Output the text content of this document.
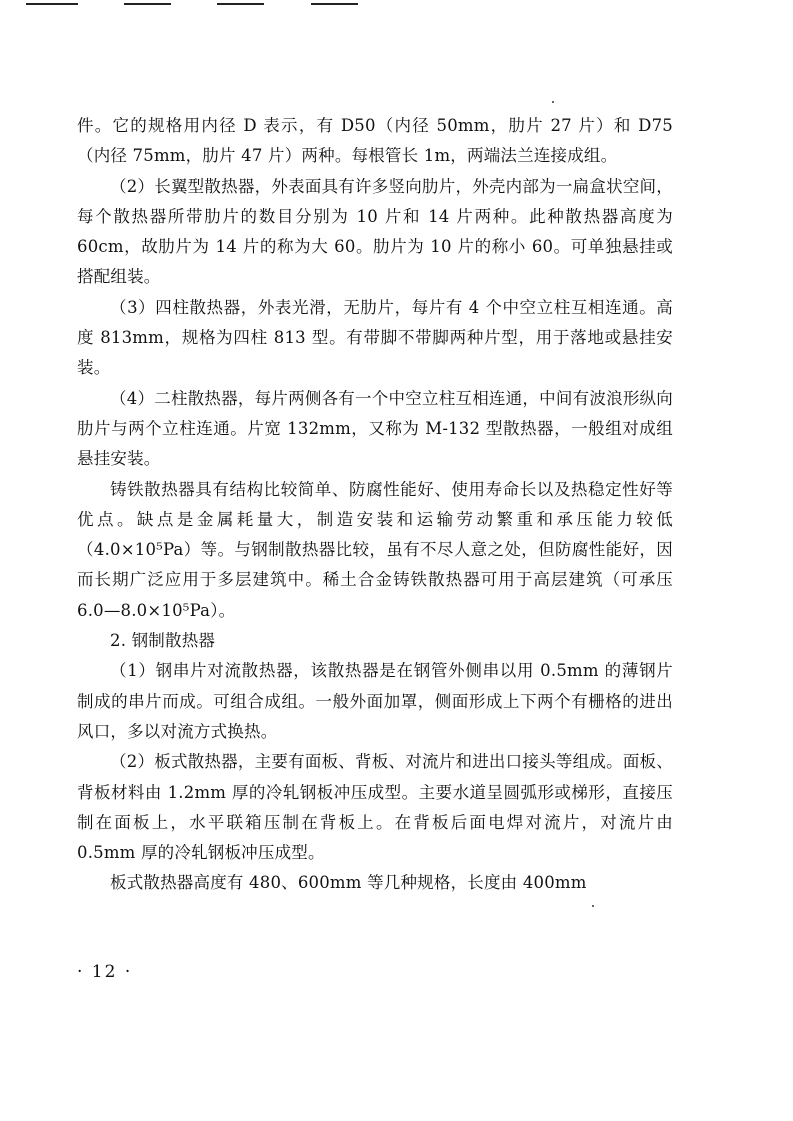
件。它的规格用内径 D 表示，有 D50（内径 50mm，肋片 27 片）和 D75（内径 75mm，肋片 47 片）两种。每根管长 1m，两端法兰连接成组。

（2）长翼型散热器，外表面具有许多竖向肋片，外壳内部为一扁盒状空间，每个散热器所带肋片的数目分别为 10 片和 14 片两种。此种散热器高度为 60cm，故肋片为 14 片的称为大 60。肋片为 10 片的称小 60。可单独悬挂或搭配组装。

（3）四柱散热器，外表光滑，无肋片，每片有 4 个中空立柱互相连通。高度 813mm，规格为四柱 813 型。有带脚不带脚两种片型，用于落地或悬挂安装。

（4）二柱散热器，每片两侧各有一个中空立柱互相连通，中间有波浪形纵向肋片与两个立柱连通。片宽 132mm，又称为 M-132 型散热器，一般组对成组悬挂安装。

铸铁散热器具有结构比较简单、防腐性能好、使用寿命长以及热稳定性好等优点。缺点是金属耗量大，制造安装和运输劳动繁重和承压能力较低（4.0×10⁵Pa）等。与钢制散热器比较，虽有不尽人意之处，但防腐性能好，因而长期广泛应用于多层建筑中。稀土合金铸铁散热器可用于高层建筑（可承压 6.0—8.0×10⁵Pa）。

2. 钢制散热器

（1）钢串片对流散热器，该散热器是在钢管外侧串以用 0.5mm 的薄钢片制成的串片而成。可组合成组。一般外面加罩，侧面形成上下两个有栅格的进出风口，多以对流方式换热。

（2）板式散热器，主要有面板、背板、对流片和进出口接头等组成。面板、背板材料由 1.2mm 厚的冷轧钢板冲压成型。主要水道呈圆弧形或梯形，直接压制在面板上，水平联箱压制在背板上。在背板后面电焊对流片，对流片由 0.5mm 厚的冷轧钢板冲压成型。

板式散热器高度有 480、600mm 等几种规格，长度由 400mm

· 12 ·
